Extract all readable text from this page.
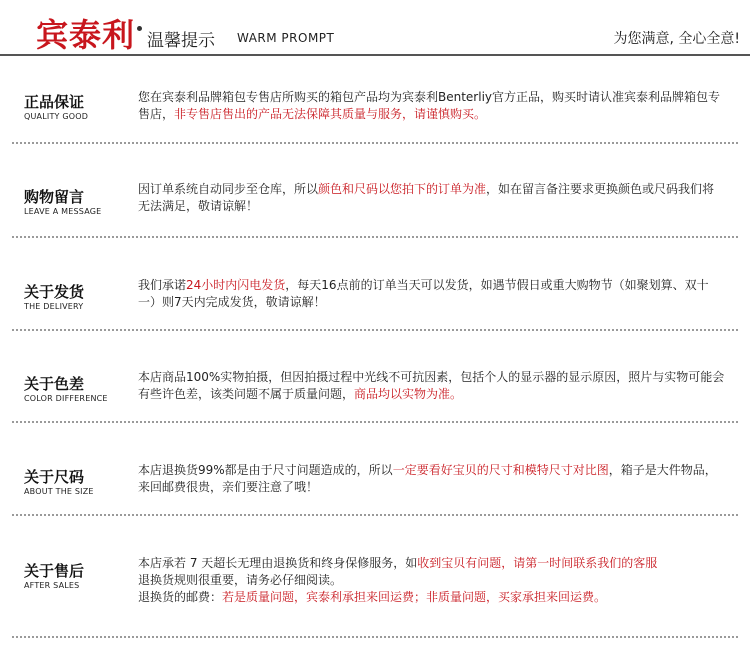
宾泰利 温馨提示 WARM PROMPT	为您满意, 全心全意!
正品保证
QUALITY GOOD
您在宾泰利品牌箱包专售店所购买的箱包产品均为宾泰利Benterliy官方正品，购买时请认准宾泰利品牌箱包专售店，非专售店售出的产品无法保障其质量与服务，请谨慎购买。
购物留言
LEAVE A MESSAGE
因订单系统自动同步至仓库，所以颜色和尺码以您拍下的订单为准，如在留言备注要求更换颜色或尺码我们将无法满足，敬请谅解！
关于发货
THE DELIVERY
我们承诺24小时内闪电发货，每天16点前的订单当天可以发货，如遇节假日或重大购物节（如聚划算、双十一）则7天内完成发货，敬请谅解！
关于色差
COLOR DIFFERENCE
本店商品100%实物拍摄，但因拍摄过程中光线不可抗因素，包括个人的显示器的显示原因，照片与实物可能会有些许色差，该类问题不属于质量问题，商品均以实物为准。
关于尺码
ABOUT THE SIZE
本店退换货99%都是由于尺寸问题造成的，所以一定要看好宝贝的尺寸和模特尺寸对比图，箱子是大件物品，来回邮费很贵，亲们要注意了哦！
关于售后
AFTER SALES
本店承若 7 天超长无理由退换货和终身保修服务，如收到宝贝有问题，请第一时间联系我们的客服
退换货规则很重要，请务必仔细阅读。
退换货的邮费：若是质量问题，宾泰利承担来回运费；非质量问题，买家承担来回运费。
